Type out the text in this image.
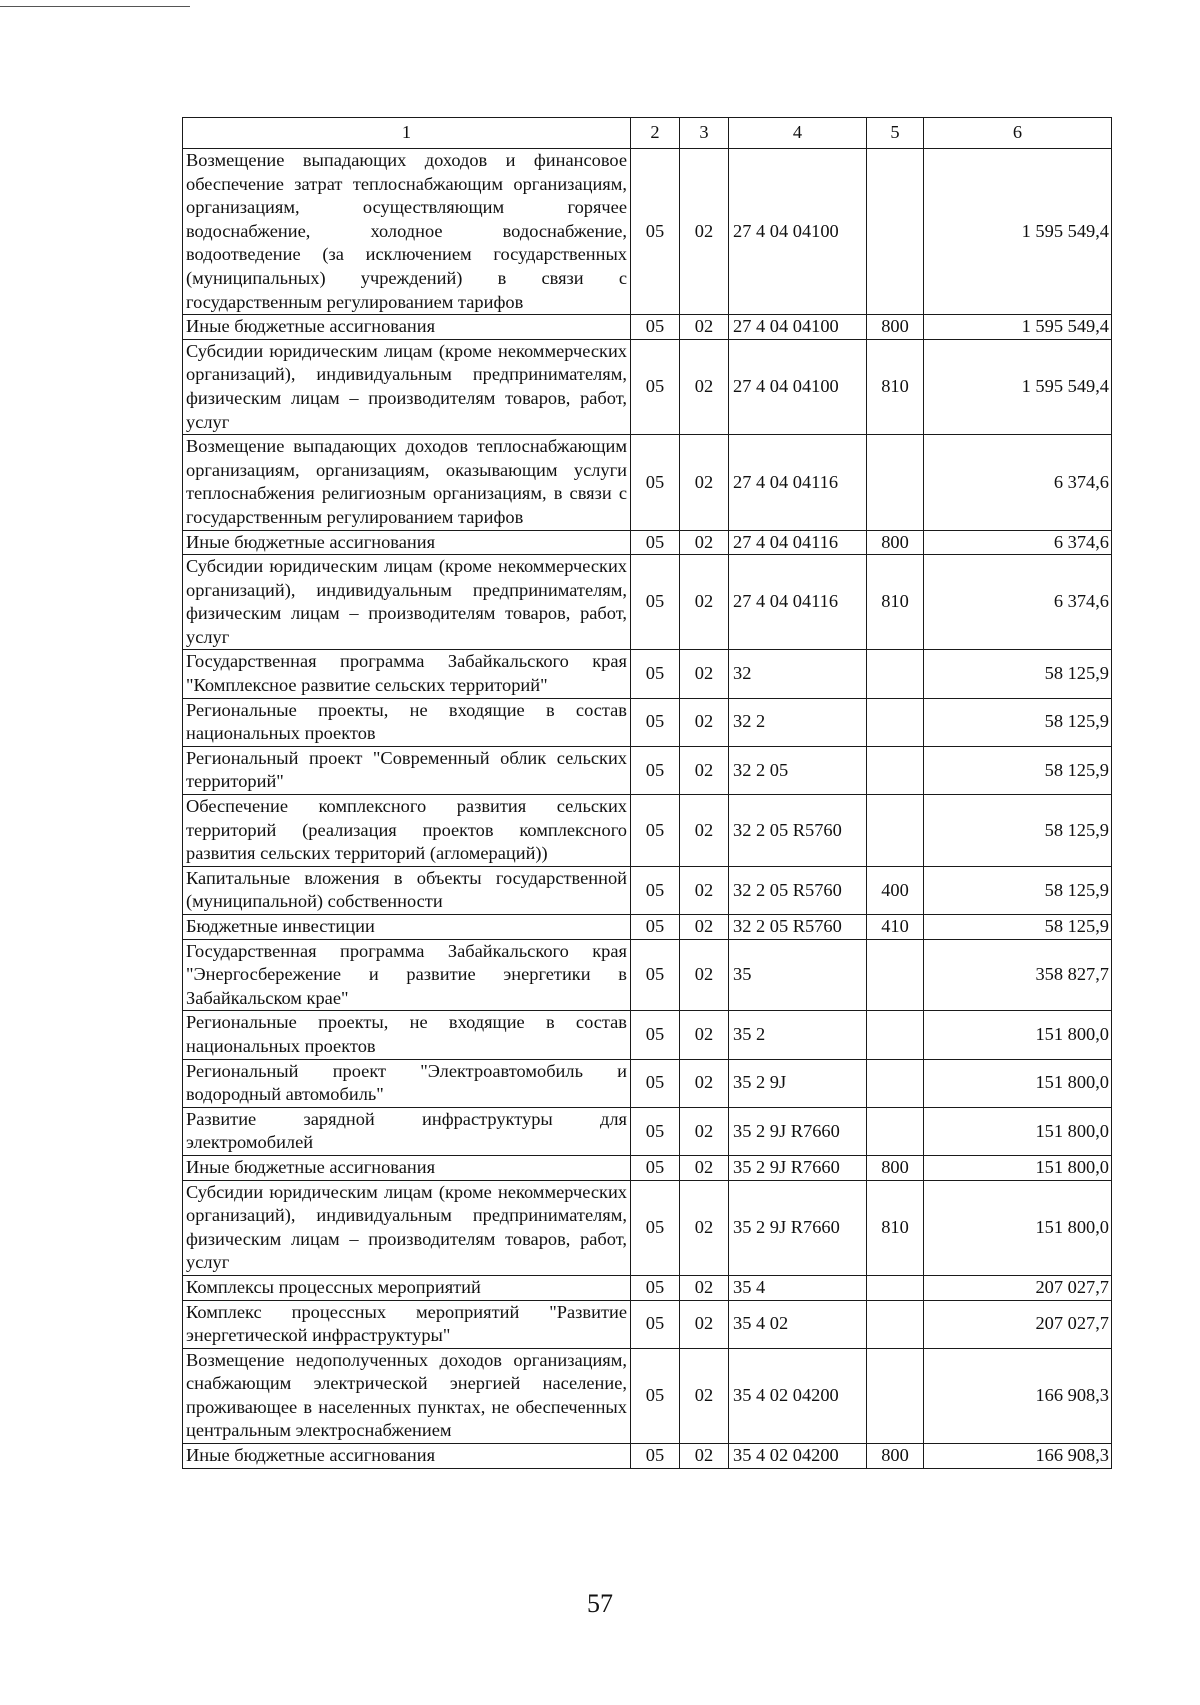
1	2	3	4	5	6
Возмещение выпадающих доходов и финансовое обеспечение затрат теплоснабжающим организациям, организациям, осуществляющим горячее водоснабжение, холодное водоснабжение, водоотведение (за исключением государственных (муниципальных) учреждений) в связи с государственным регулированием тарифов	05	02	27 4 04 04100		1 595 549,4
Иные бюджетные ассигнования	05	02	27 4 04 04100	800	1 595 549,4
Субсидии юридическим лицам (кроме некоммерческих организаций), индивидуальным предпринимателям, физическим лицам – производителям товаров, работ, услуг	05	02	27 4 04 04100	810	1 595 549,4
Возмещение выпадающих доходов теплоснабжающим организациям, организациям, оказывающим услуги теплоснабжения религиозным организациям, в связи с государственным регулированием тарифов	05	02	27 4 04 04116		6 374,6
Иные бюджетные ассигнования	05	02	27 4 04 04116	800	6 374,6
Субсидии юридическим лицам (кроме некоммерческих организаций), индивидуальным предпринимателям, физическим лицам – производителям товаров, работ, услуг	05	02	27 4 04 04116	810	6 374,6
Государственная программа Забайкальского края "Комплексное развитие сельских территорий"	05	02	32		58 125,9
Региональные проекты, не входящие в состав национальных проектов	05	02	32 2		58 125,9
Региональный проект "Современный облик сельских территорий"	05	02	32 2 05		58 125,9
Обеспечение комплексного развития сельских территорий (реализация проектов комплексного развития сельских территорий (агломераций))	05	02	32 2 05 R5760		58 125,9
Капитальные вложения в объекты государственной (муниципальной) собственности	05	02	32 2 05 R5760	400	58 125,9
Бюджетные инвестиции	05	02	32 2 05 R5760	410	58 125,9
Государственная программа Забайкальского края "Энергосбережение и развитие энергетики в Забайкальском крае"	05	02	35		358 827,7
Региональные проекты, не входящие в состав национальных проектов	05	02	35 2		151 800,0
Региональный проект "Электроавтомобиль и водородный автомобиль"	05	02	35 2 9J		151 800,0
Развитие зарядной инфраструктуры для электромобилей	05	02	35 2 9J R7660		151 800,0
Иные бюджетные ассигнования	05	02	35 2 9J R7660	800	151 800,0
Субсидии юридическим лицам (кроме некоммерческих организаций), индивидуальным предпринимателям, физическим лицам – производителям товаров, работ, услуг	05	02	35 2 9J R7660	810	151 800,0
Комплексы процессных мероприятий	05	02	35 4		207 027,7
Комплекс процессных мероприятий "Развитие энергетической инфраструктуры"	05	02	35 4 02		207 027,7
Возмещение недополученных доходов организациям, снабжающим электрической энергией население, проживающее в населенных пунктах, не обеспеченных центральным электроснабжением	05	02	35 4 02 04200		166 908,3
Иные бюджетные ассигнования	05	02	35 4 02 04200	800	166 908,3
57
